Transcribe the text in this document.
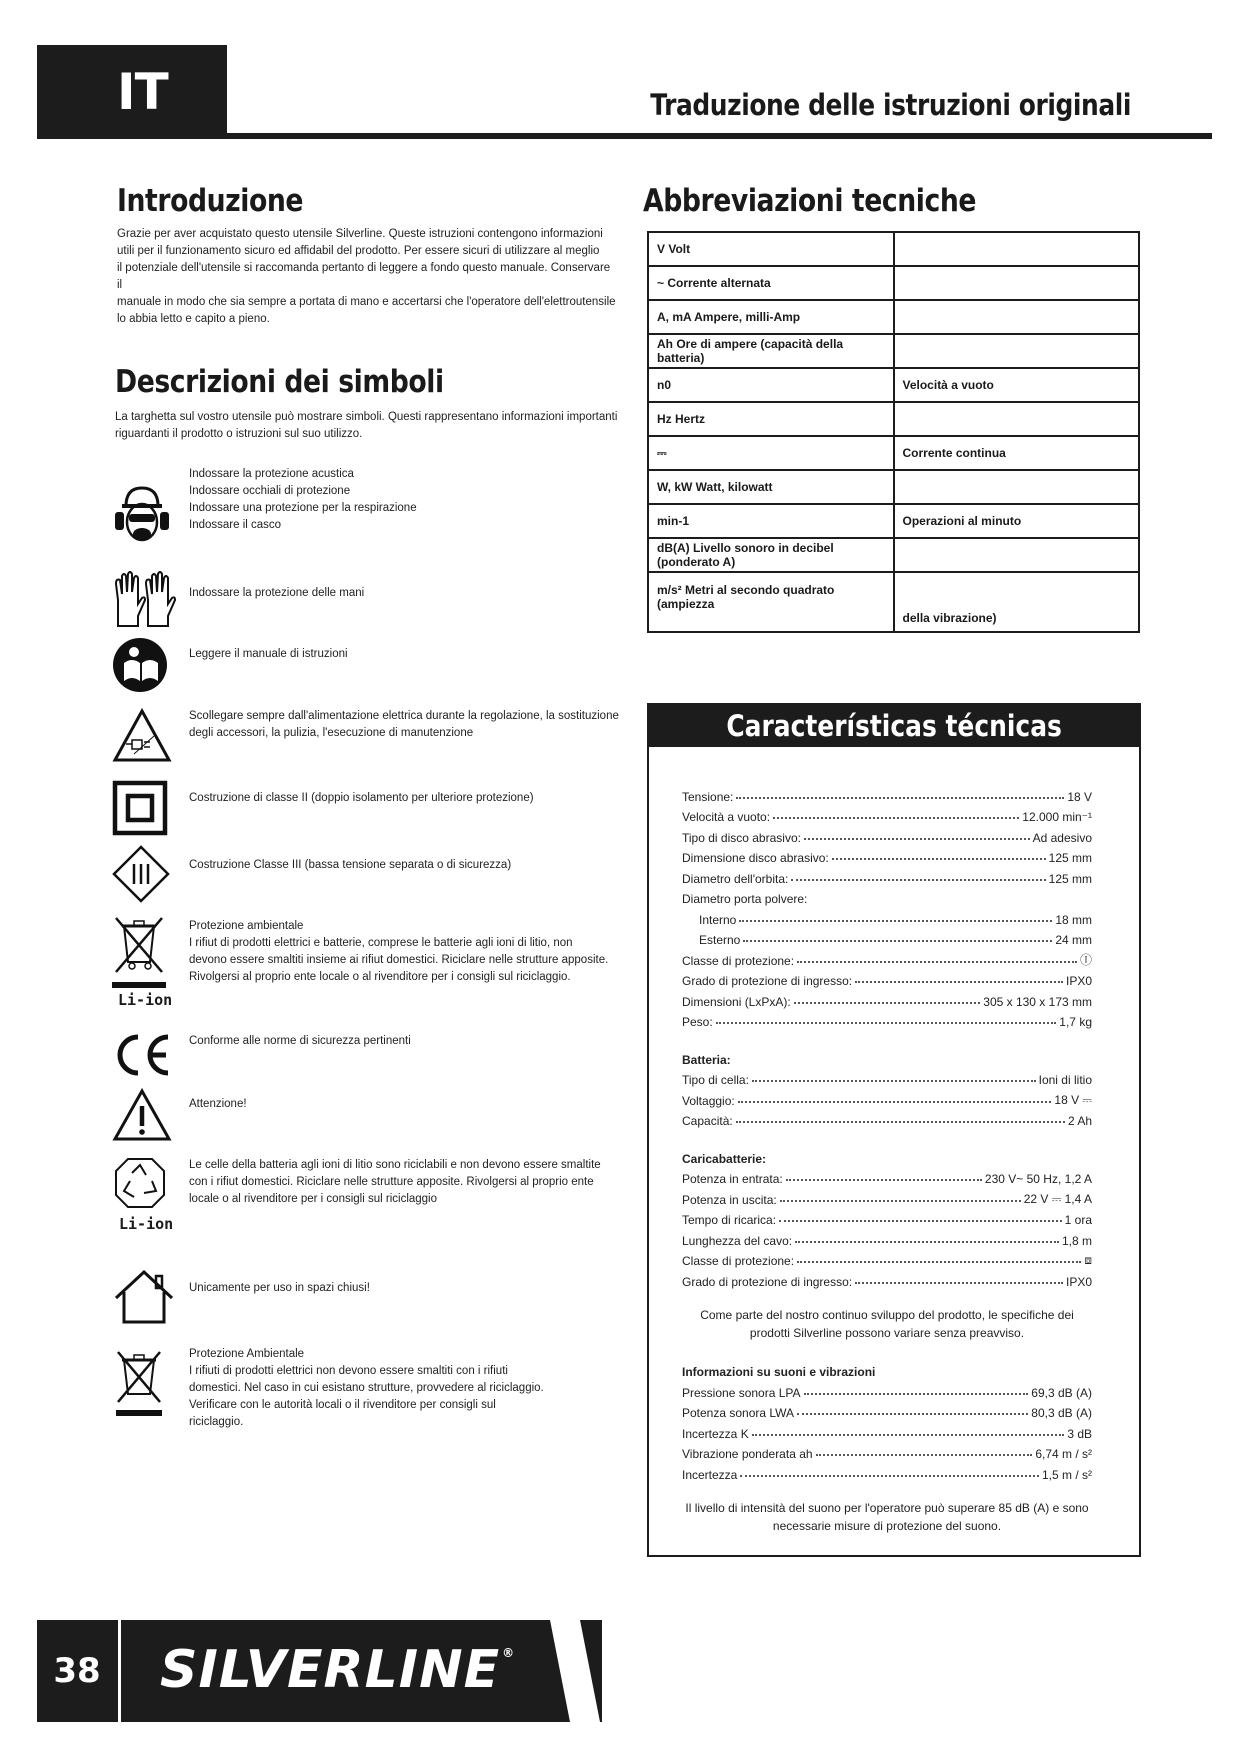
IT	Traduzione delle istruzioni originali
Introduzione
Grazie per aver acquistato questo utensile Silverline. Queste istruzioni contengono informazioni
utili per il funzionamento sicuro ed affidabil del prodotto. Per essere sicuri di utilizzare al meglio
il potenziale dell'utensile si raccomanda pertanto di leggere a fondo questo manuale. Conservare il
manuale in modo che sia sempre a portata di mano e accertarsi che l'operatore dell'elettroutensile
lo abbia letto e capito a pieno.
Descrizioni dei simboli
La targhetta sul vostro utensile può mostrare simboli. Questi rappresentano informazioni importanti
riguardanti il prodotto o istruzioni sul suo utilizzo.
Indossare la protezione acustica
Indossare occhiali di protezione
Indossare una protezione per la respirazione
Indossare il casco
Indossare la protezione delle mani
Leggere il manuale di istruzioni
Scollegare sempre dall'alimentazione elettrica durante la regolazione, la sostituzione
degli accessori, la pulizia, l'esecuzione di manutenzione
Costruzione di classe II (doppio isolamento per ulteriore protezione)
Costruzione Classe III (bassa tensione separata o di sicurezza)
Li-ion
Protezione ambientale
I rifiut di prodotti elettrici e batterie, comprese le batterie agli ioni di litio, non
devono essere smaltiti insieme ai rifiut domestici. Riciclare nelle strutture apposite.
Rivolgersi al proprio ente locale o al rivenditore per i consigli sul riciclaggio.
Conforme alle norme di sicurezza pertinenti
Attenzione!
Li-ion
Le celle della batteria agli ioni di litio sono riciclabili e non devono essere smaltite
con i rifiut domestici. Riciclare nelle strutture apposite. Rivolgersi al proprio ente
locale o al rivenditore per i consigli sul riciclaggio
Unicamente per uso in spazi chiusi!
Protezione Ambientale
I rifiuti di prodotti elettrici non devono essere smaltiti con i rifiuti
domestici. Nel caso in cui esistano strutture, provvedere al riciclaggio.
Verificare con le autorità locali o il rivenditore per consigli sul
riciclaggio.
Abbreviazioni tecniche
V Volt	
~ Corrente alternata	
A, mA Ampere, milli-Amp	
Ah Ore di ampere (capacità della batteria)	
n0	Velocità a vuoto
Hz Hertz	
⎓	Corrente continua
W, kW Watt, kilowatt	
min-1	Operazioni al minuto
dB(A) Livello sonoro in decibel (ponderato A)	
m/s² Metri al secondo quadrato (ampiezza	della vibrazione)
Características técnicas
Tensione:	18 V
Velocità a vuoto:	12.000 min⁻¹
Tipo di disco abrasivo:	Ad adesivo
Dimensione disco abrasivo:	125 mm
Diametro dell'orbita:	125 mm
Diametro porta polvere:
Interno	18 mm
Esterno	24 mm
Classe di protezione:	Ⓘ
Grado di protezione di ingresso:	IPX0
Dimensioni (LxPxA):	305 x 130 x 173 mm
Peso:	1,7 kg
Batteria:
Tipo di cella:	Ioni di litio
Voltaggio:	18 V ⎓
Capacità:	2 Ah
Caricabatterie:
Potenza in entrata:	230 V~ 50 Hz, 1,2 A
Potenza in uscita:	22 V ⎓ 1,4 A
Tempo di ricarica:	1 ora
Lunghezza del cavo:	1,8 m
Classe di protezione:	⧈
Grado di protezione di ingresso:	IPX0
Come parte del nostro continuo sviluppo del prodotto, le specifiche dei
prodotti Silverline possono variare senza preavviso.
Informazioni su suoni e vibrazioni
Pressione sonora LPA	69,3 dB (A)
Potenza sonora LWA	80,3 dB (A)
Incertezza K	3 dB
Vibrazione ponderata ah	6,74 m / s²
Incertezza	1,5 m / s²
Il livello di intensità del suono per l'operatore può superare 85 dB (A) e sono
necessarie misure di protezione del suono.
38	SILVERLINE ®
